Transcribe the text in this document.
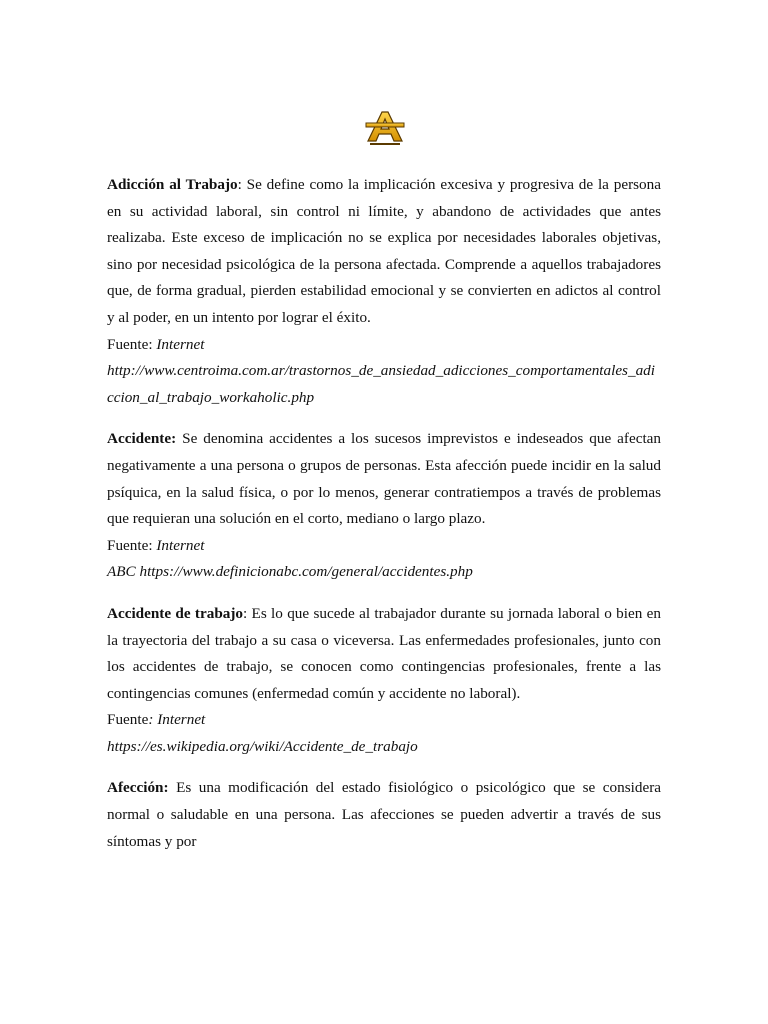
Adicción al Trabajo: Se define como la implicación excesiva y progresiva de la persona en su actividad laboral, sin control ni límite, y abandono de actividades que antes realizaba. Este exceso de implicación no se explica por necesidades laborales objetivas, sino por necesidad psicológica de la persona afectada. Comprende a aquellos trabajadores que, de forma gradual, pierden estabilidad emocional y se convierten en adictos al control y al poder, en un intento por lograr el éxito.

Fuente: Internet

http://www.centroima.com.ar/trastornos_de_ansiedad_adicciones_comportamentales_adiccion_al_trabajo_workaholic.php

Accidente: Se denomina accidentes a los sucesos imprevistos e indeseados que afectan negativamente a una persona o grupos de personas. Esta afección puede incidir en la salud psíquica, en la salud física, o por lo menos, generar contratiempos a través de problemas que requieran una solución en el corto, mediano o largo plazo.

Fuente: Internet

ABC https://www.definicionabc.com/general/accidentes.php

Accidente de trabajo: Es lo que sucede al trabajador durante su jornada laboral o bien en la trayectoria del trabajo a su casa o viceversa. Las enfermedades profesionales, junto con los accidentes de trabajo, se conocen como contingencias profesionales, frente a las contingencias comunes (enfermedad común y accidente no laboral).

Fuente: Internet

https://es.wikipedia.org/wiki/Accidente_de_trabajo

Afección: Es una modificación del estado fisiológico o psicológico que se considera normal o saludable en una persona. Las afecciones se pueden advertir a través de sus síntomas y por
